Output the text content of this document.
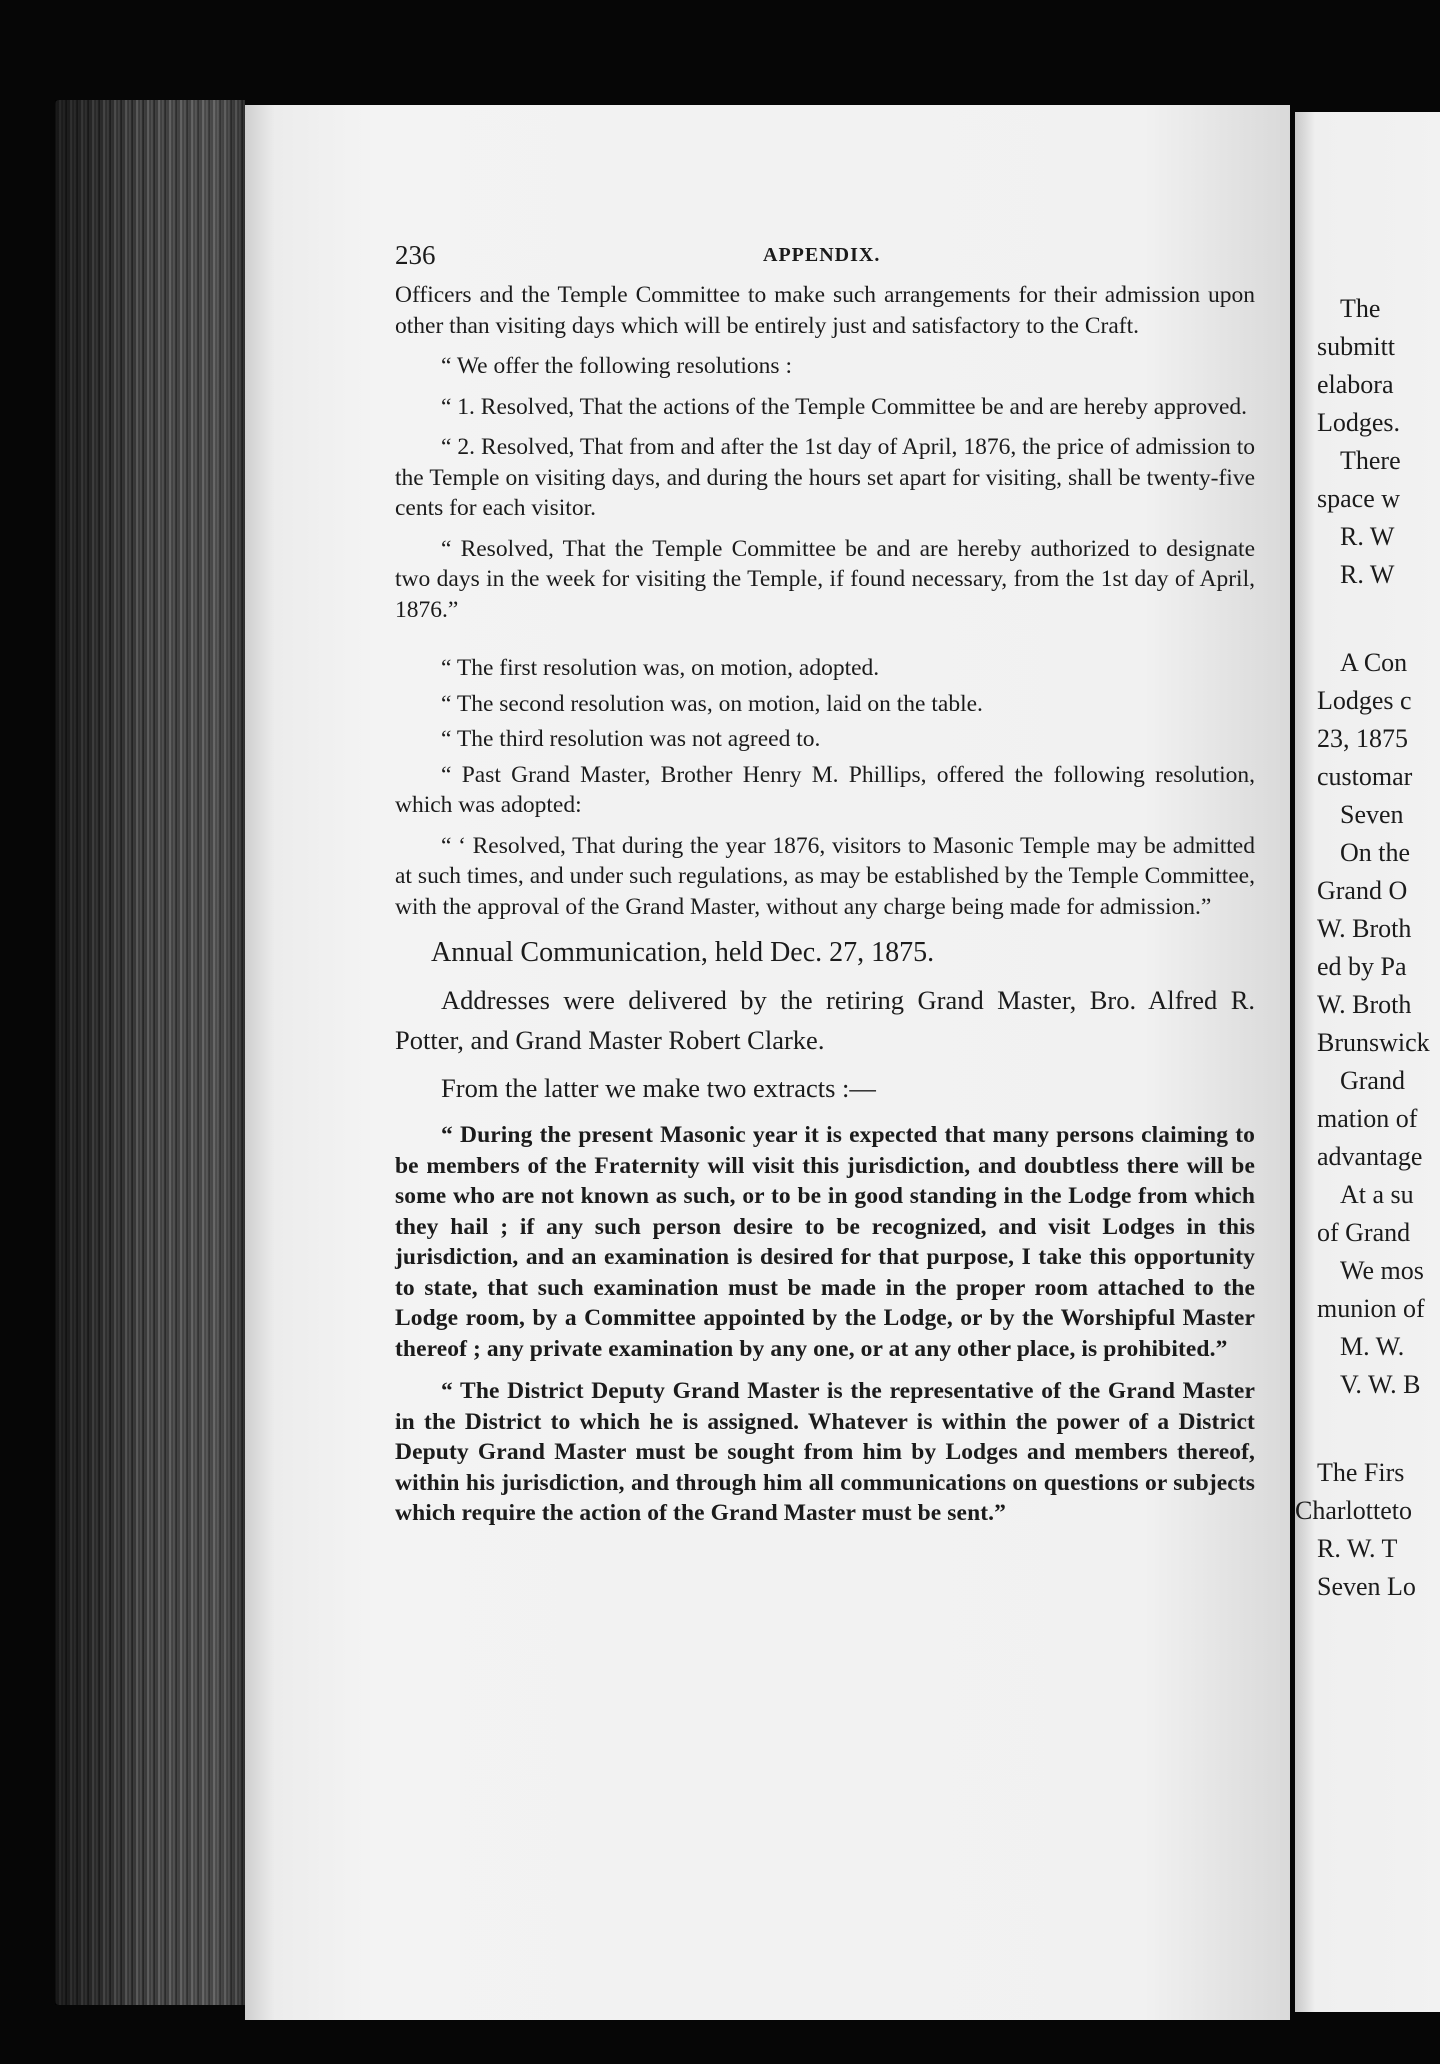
236	APPENDIX.

Officers and the Temple Committee to make such arrangements for their admission upon other than visiting days which will be entirely just and satisfactory to the Craft.

“ We offer the following resolutions :

“ 1. Resolved, That the actions of the Temple Committee be and are hereby approved.

“ 2. Resolved, That from and after the 1st day of April, 1876, the price of admission to the Temple on visiting days, and during the hours set apart for visiting, shall be twenty-five cents for each visitor.

“ Resolved, That the Temple Committee be and are hereby authorized to designate two days in the week for visiting the Temple, if found necessary, from the 1st day of April, 1876.”

“ The first resolution was, on motion, adopted.

“ The second resolution was, on motion, laid on the table.

“ The third resolution was not agreed to.

“ Past Grand Master, Brother Henry M. Phillips, offered the following resolution, which was adopted:

“ ‘ Resolved, That during the year 1876, visitors to Masonic Temple may be admitted at such times, and under such regulations, as may be established by the Temple Committee, with the approval of the Grand Master, without any charge being made for admission.”

Annual Communication, held Dec. 27, 1875.

Addresses were delivered by the retiring Grand Master, Bro. Alfred R. Potter, and Grand Master Robert Clarke.

From the latter we make two extracts :—

“ During the present Masonic year it is expected that many persons claiming to be members of the Fraternity will visit this jurisdiction, and doubtless there will be some who are not known as such, or to be in good standing in the Lodge from which they hail ; if any such person desire to be recognized, and visit Lodges in this jurisdiction, and an examination is desired for that purpose, I take this opportunity to state, that such examination must be made in the proper room attached to the Lodge room, by a Committee appointed by the Lodge, or by the Worshipful Master thereof ; any private examination by any one, or at any other place, is prohibited.”

“ The District Deputy Grand Master is the representative of the Grand Master in the District to which he is assigned. Whatever is within the power of a District Deputy Grand Master must be sought from him by Lodges and members thereof, within his jurisdiction, and through him all communications on questions or subjects which require the action of the Grand Master must be sent.”

The
submitt
elabora
Lodges.
There
space w
R. W
R. W
A Con
Lodges c
23, 1875
customar
Seven
On the
Grand O
W. Broth
ed by Pa
W. Broth
Brunswick
Grand
mation of
advantage
At a su
of Grand
We mos
munion of
M. W.
V. W. B
The Firs
Charlotteto
R. W. T
Seven Lo
